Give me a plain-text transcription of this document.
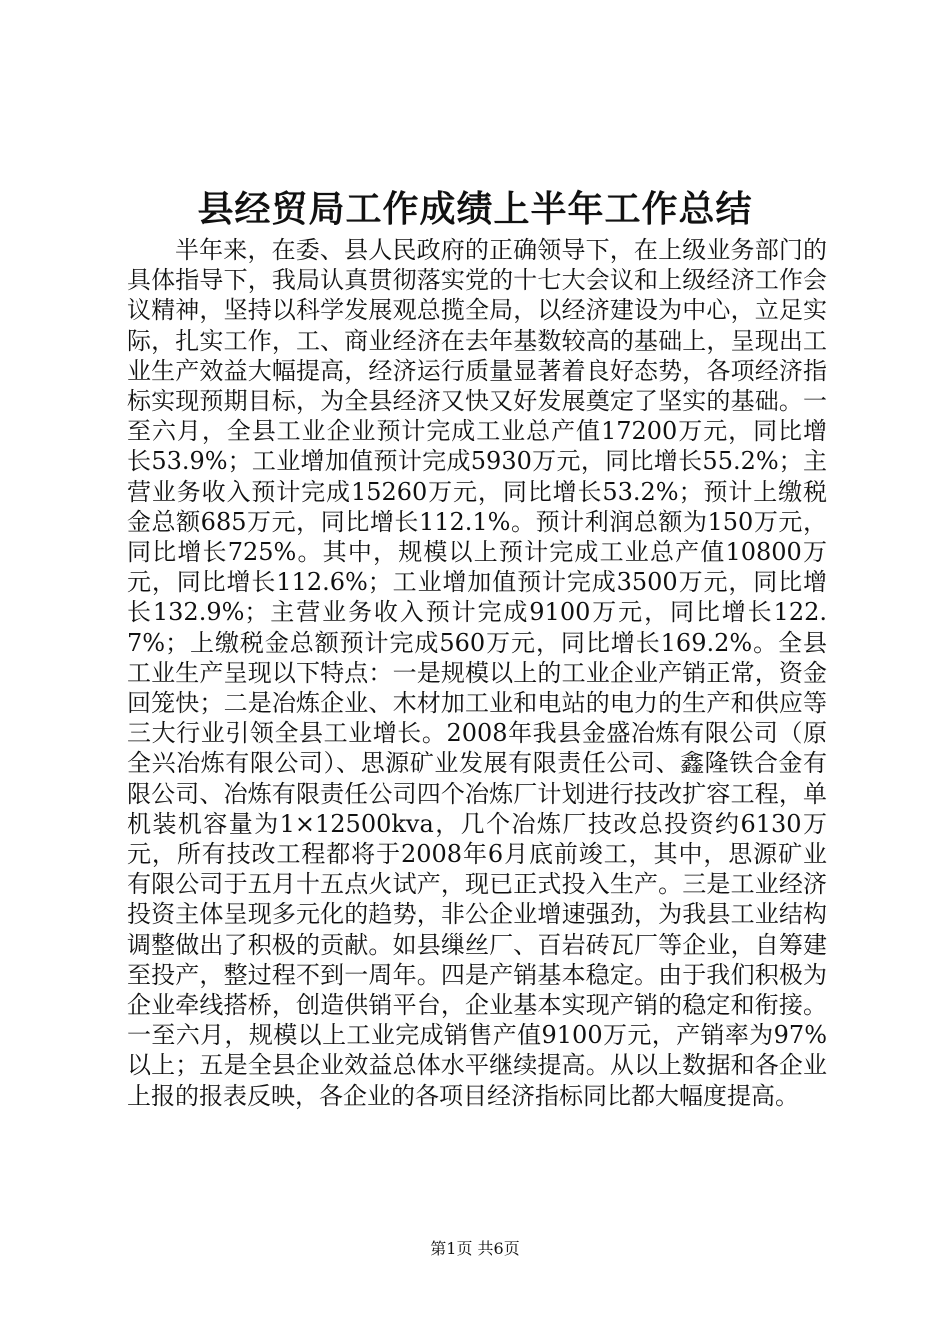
县经贸局工作成绩上半年工作总结

半年来，在委、县人民政府的正确领导下，在上级业务部门的具体指导下，我局认真贯彻落实党的十七大会议和上级经济工作会议精神，坚持以科学发展观总揽全局，以经济建设为中心，立足实际，扎实工作，工、商业经济在去年基数较高的基础上，呈现出工业生产效益大幅提高，经济运行质量显著着良好态势，各项经济指标实现预期目标，为全县经济又快又好发展奠定了坚实的基础。一至六月，全县工业企业预计完成工业总产值17200万元，同比增长53.9%；工业增加值预计完成5930万元，同比增长55.2%；主营业务收入预计完成15260万元，同比增长53.2%；预计上缴税金总额685万元，同比增长112.1%。预计利润总额为150万元，同比增长725%。其中，规模以上预计完成工业总产值10800万元，同比增长112.6%；工业增加值预计完成3500万元，同比增长132.9%；主营业务收入预计完成9100万元，同比增长122.7%；上缴税金总额预计完成560万元，同比增长169.2%。全县工业生产呈现以下特点：一是规模以上的工业企业产销正常，资金回笼快；二是冶炼企业、木材加工业和电站的电力的生产和供应等三大行业引领全县工业增长。2008年我县金盛冶炼有限公司（原全兴冶炼有限公司）、思源矿业发展有限责任公司、鑫隆铁合金有限公司、冶炼有限责任公司四个冶炼厂计划进行技改扩容工程，单机装机容量为1×12500kva，几个冶炼厂技改总投资约6130万元，所有技改工程都将于2008年6月底前竣工，其中，思源矿业有限公司于五月十五点火试产，现已正式投入生产。三是工业经济投资主体呈现多元化的趋势，非公企业增速强劲，为我县工业结构调整做出了积极的贡献。如县缫丝厂、百岩砖瓦厂等企业，自筹建至投产，整过程不到一周年。四是产销基本稳定。由于我们积极为企业牵线搭桥，创造供销平台，企业基本实现产销的稳定和衔接。一至六月，规模以上工业完成销售产值9100万元，产销率为97%以上；五是全县企业效益总体水平继续提高。从以上数据和各企业上报的报表反映，各企业的各项目经济指标同比都大幅度提高。

第1页 共6页
